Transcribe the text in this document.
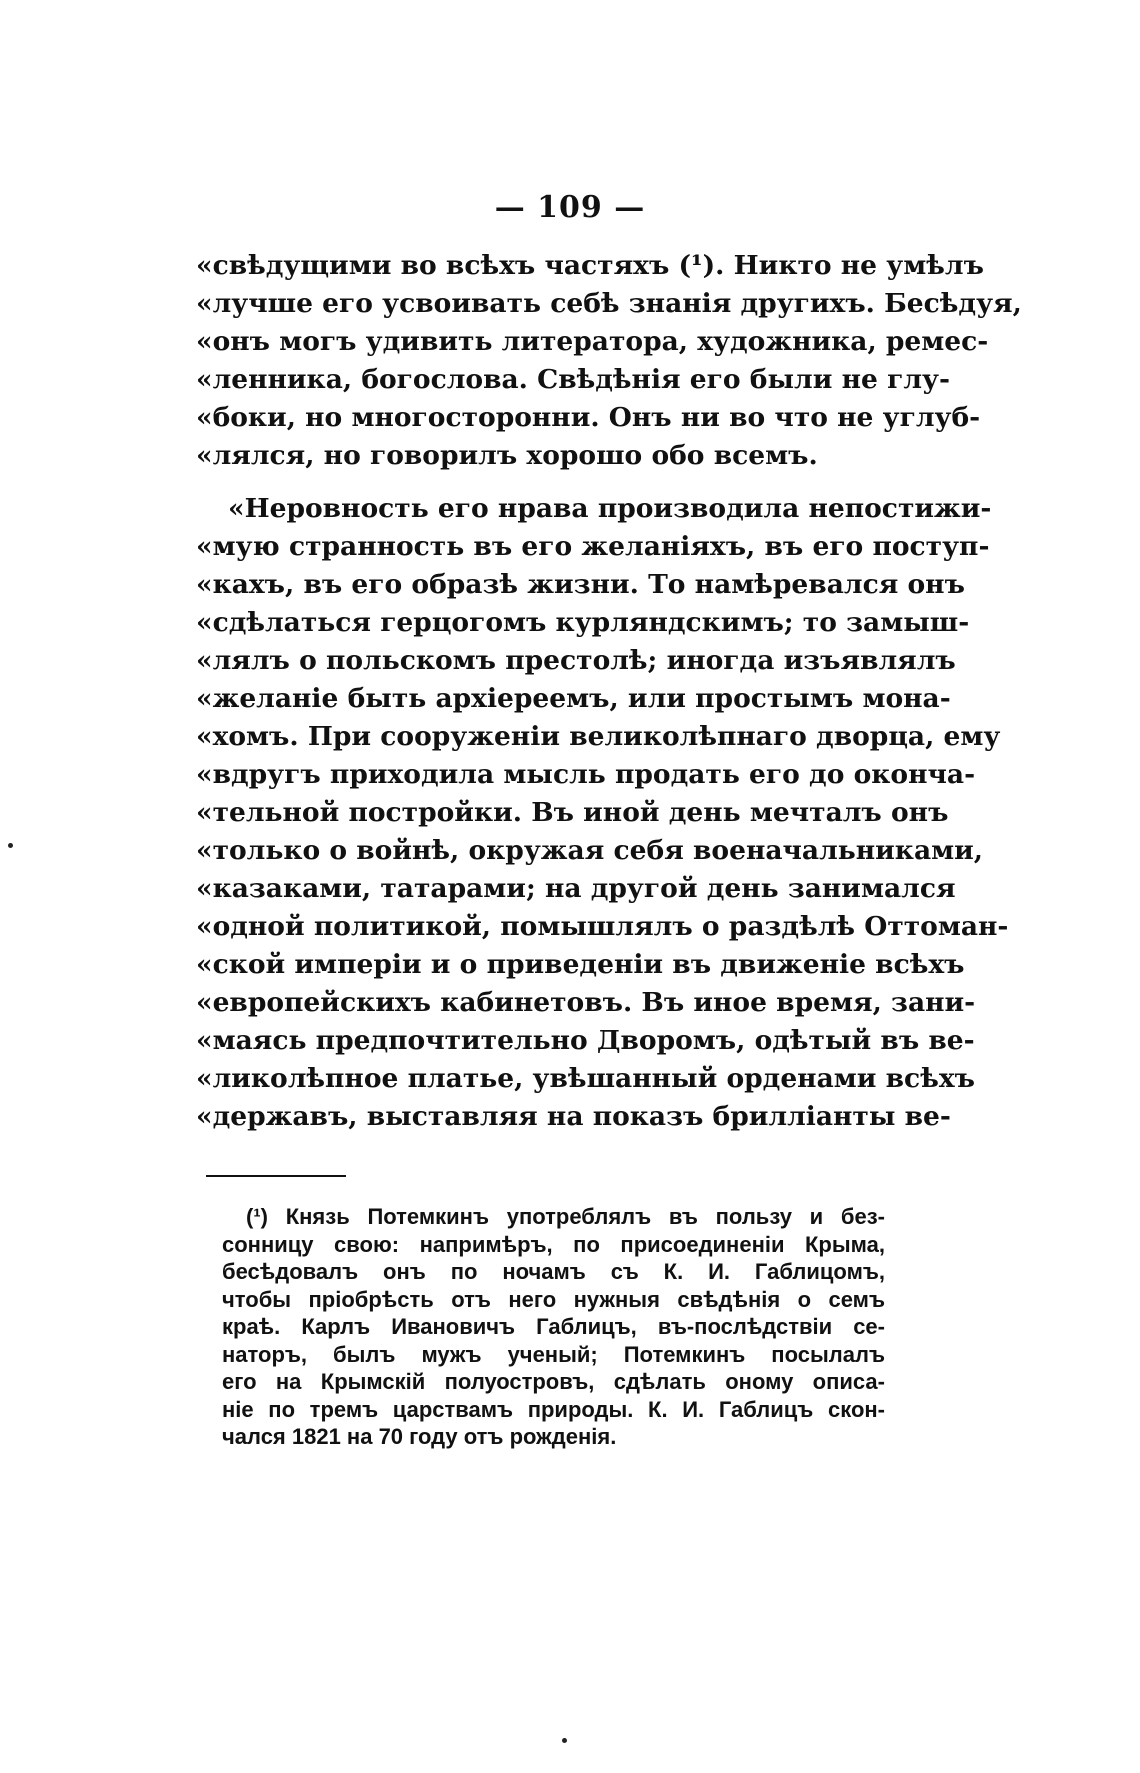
— 109 —
«свѣдущими во всѣхъ частяхъ (¹). Никто не умѣлъ
«лучше его усвоивать себѣ знанія другихъ. Бесѣдуя,
«онъ могъ удивить литератора, художника, ремес-
«ленника, богослова. Свѣдѣнія его были не глу-
«боки, но многосторонни. Онъ ни во что не углуб-
«лялся, но говорилъ хорошо обо всемъ.
«Неровность его нрава производила непостижи-
«мую странность въ его желаніяхъ, въ его поступ-
«кахъ, въ его образѣ жизни. То намѣревался онъ
«сдѣлаться герцогомъ курляндскимъ; то замыш-
«лялъ о польскомъ престолѣ; иногда изъявлялъ
«желаніе быть архіереемъ, или простымъ мона-
«хомъ. При сооруженіи великолѣпнаго дворца, ему
«вдругъ приходила мысль продать его до оконча-
«тельной постройки. Въ иной день мечталъ онъ
«только о войнѣ, окружая себя военачальниками,
«казаками, татарами; на другой день занимался
«одной политикой, помышлялъ о раздѣлѣ Оттоман-
«ской имперіи и о приведеніи въ движеніе всѣхъ
«европейскихъ кабинетовъ. Въ иное время, зани-
«маясь предпочтительно Дворомъ, одѣтый въ ве-
«ликолѣпное платье, увѣшанный орденами всѣхъ
«державъ, выставляя на показъ брилліанты ве-
(¹) Князь Потемкинъ употреблялъ въ пользу и без-
сонницу свою: напримѣръ, по присоединеніи Крыма,
бесѣдовалъ онъ по ночамъ съ К. И. Габлицомъ,
чтобы пріобрѣсть отъ него нужныя свѣдѣнія о семъ
краѣ. Карлъ Ивановичъ Габлицъ, въ-послѣдствіи се-
наторъ, былъ мужъ ученый; Потемкинъ посылалъ
его на Крымскій полуостровъ, сдѣлать оному описа-
ніе по тремъ царствамъ природы. К. И. Габлицъ скон-
чался 1821 на 70 году отъ рожденія.
